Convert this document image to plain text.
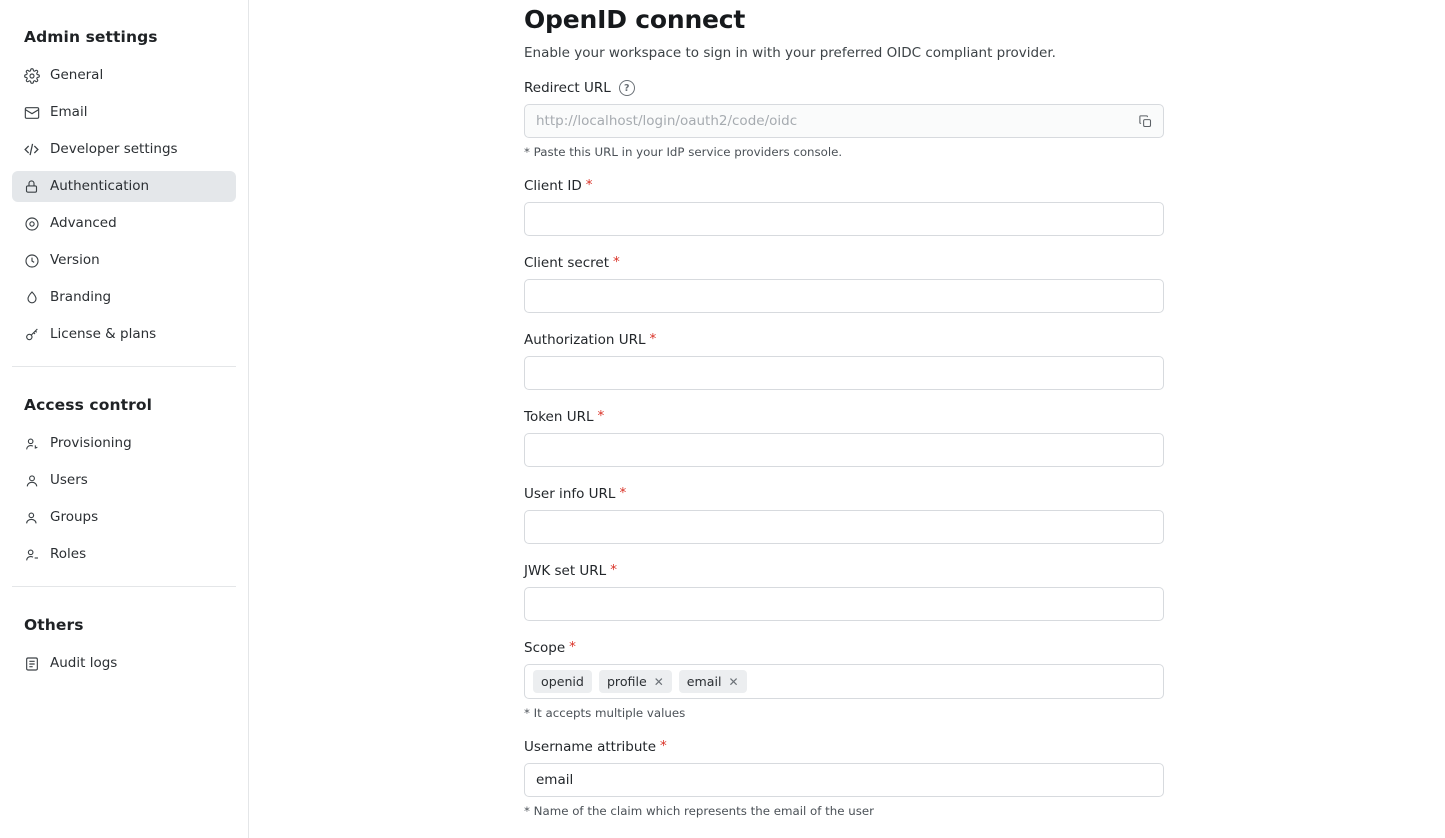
Admin settings
General
Email
Developer settings
Authentication
Advanced
Version
Branding
License & plans
Access control
Provisioning
Users
Groups
Roles
Others
Audit logs
OpenID connect
Enable your workspace to sign in with your preferred OIDC compliant provider.
Redirect URL	?
http://localhost/login/oauth2/code/oidc
* Paste this URL in your IdP service providers console.
Client ID *
Client secret *
Authorization URL *
Token URL *
User info URL *
JWK set URL *
Scope *
openid profile ✕ email ✕
* It accepts multiple values
Username attribute *
email
* Name of the claim which represents the email of the user
